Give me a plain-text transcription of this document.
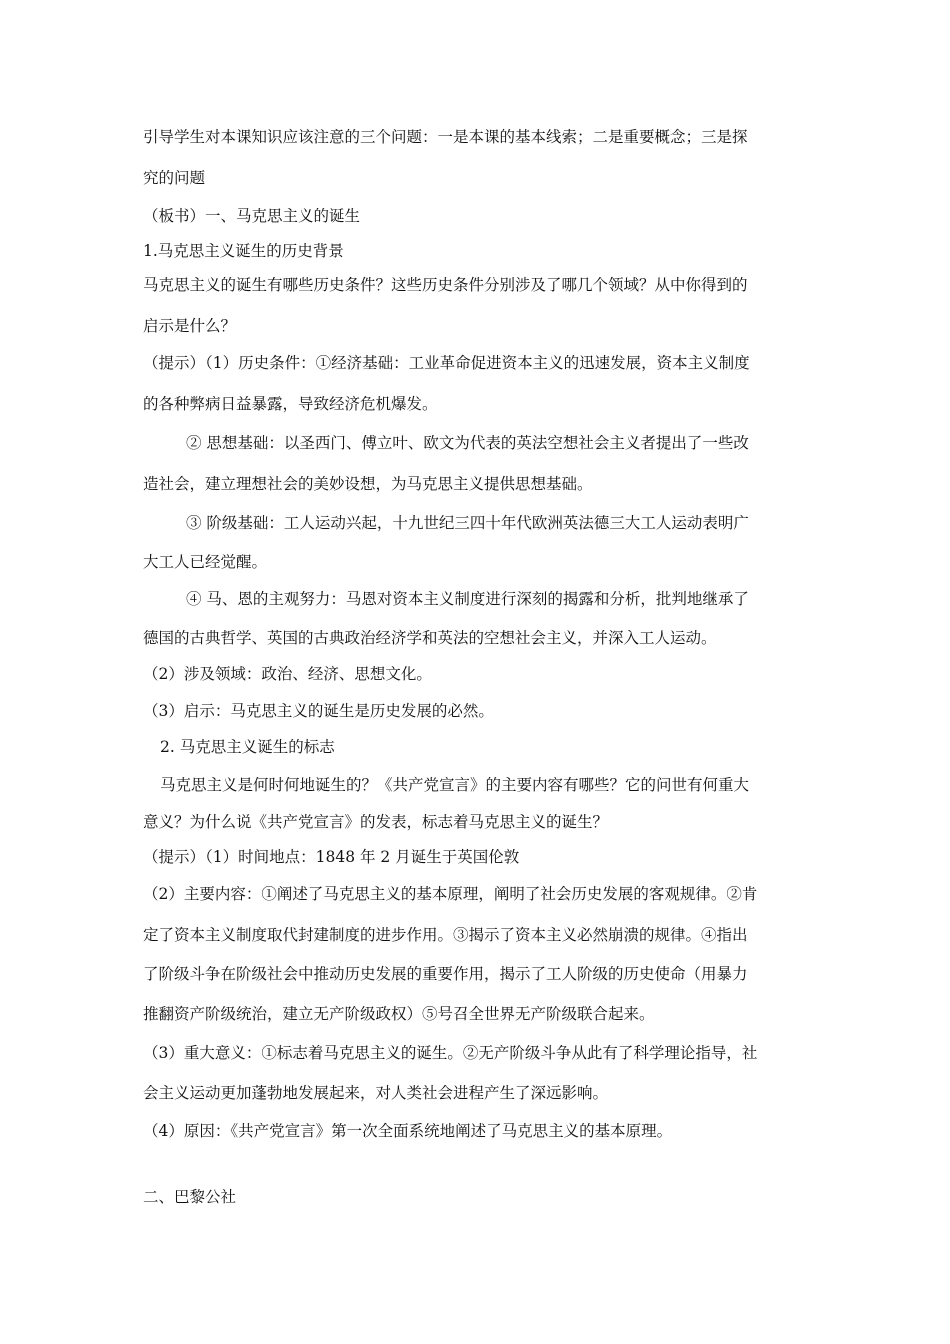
引导学生对本课知识应该注意的三个问题：一是本课的基本线索；二是重要概念；三是探
究的问题
（板书）一、马克思主义的诞生
1.马克思主义诞生的历史背景
马克思主义的诞生有哪些历史条件？这些历史条件分别涉及了哪几个领域？从中你得到的
启示是什么？
（提示）（1）历史条件：①经济基础：工业革命促进资本主义的迅速发展，资本主义制度
的各种弊病日益暴露，导致经济危机爆发。
② 思想基础：以圣西门、傅立叶、欧文为代表的英法空想社会主义者提出了一些改
造社会，建立理想社会的美妙设想，为马克思主义提供思想基础。
③ 阶级基础：工人运动兴起，十九世纪三四十年代欧洲英法德三大工人运动表明广
大工人已经觉醒。
④ 马、恩的主观努力：马恩对资本主义制度进行深刻的揭露和分析，批判地继承了
德国的古典哲学、英国的古典政治经济学和英法的空想社会主义，并深入工人运动。
（2）涉及领域：政治、经济、思想文化。
（3）启示：马克思主义的诞生是历史发展的必然。
2. 马克思主义诞生的标志
马克思主义是何时何地诞生的？《共产党宣言》的主要内容有哪些？它的问世有何重大
意义？为什么说《共产党宣言》的发表，标志着马克思主义的诞生？
（提示）（1）时间地点：1848 年 2 月诞生于英国伦敦
（2）主要内容：①阐述了马克思主义的基本原理，阐明了社会历史发展的客观规律。②肯
定了资本主义制度取代封建制度的进步作用。③揭示了资本主义必然崩溃的规律。④指出
了阶级斗争在阶级社会中推动历史发展的重要作用，揭示了工人阶级的历史使命（用暴力
推翻资产阶级统治，建立无产阶级政权）⑤号召全世界无产阶级联合起来。
（3）重大意义：①标志着马克思主义的诞生。②无产阶级斗争从此有了科学理论指导，社
会主义运动更加蓬勃地发展起来，对人类社会进程产生了深远影响。
（4）原因：《共产党宣言》第一次全面系统地阐述了马克思主义的基本原理。
二、巴黎公社
